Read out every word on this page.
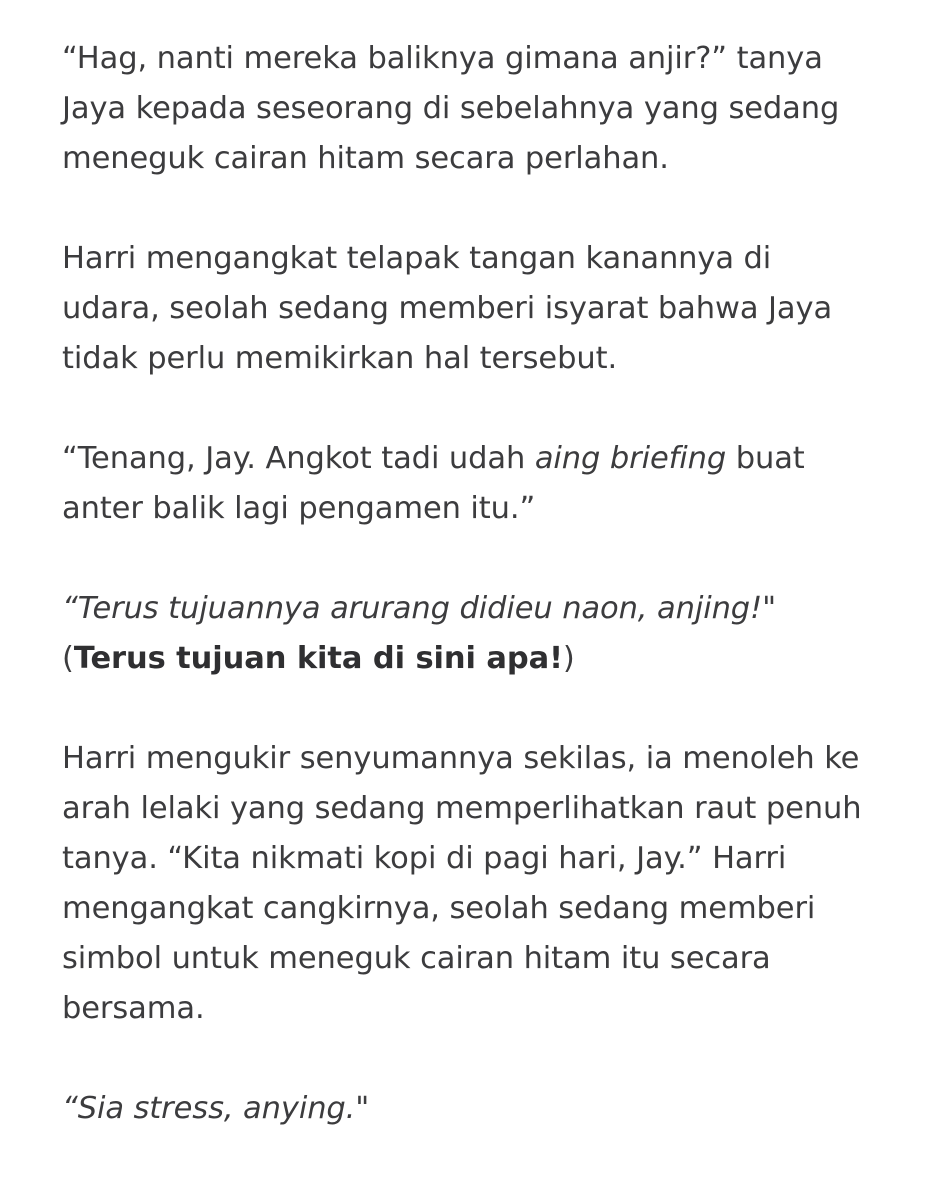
“Hag, nanti mereka baliknya gimana anjir?” tanya
Jaya kepada seseorang di sebelahnya yang sedang
meneguk cairan hitam secara perlahan.

Harri mengangkat telapak tangan kanannya di
udara, seolah sedang memberi isyarat bahwa Jaya
tidak perlu memikirkan hal tersebut.

“Tenang, Jay. Angkot tadi udah aing briefing buat
anter balik lagi pengamen itu.”

“Terus tujuannya arurang didieu naon, anjing!"
(Terus tujuan kita di sini apa!)

Harri mengukir senyumannya sekilas, ia menoleh ke
arah lelaki yang sedang memperlihatkan raut penuh
tanya. “Kita nikmati kopi di pagi hari, Jay.” Harri
mengangkat cangkirnya, seolah sedang memberi
simbol untuk meneguk cairan hitam itu secara
bersama.

“Sia stress, anying."
